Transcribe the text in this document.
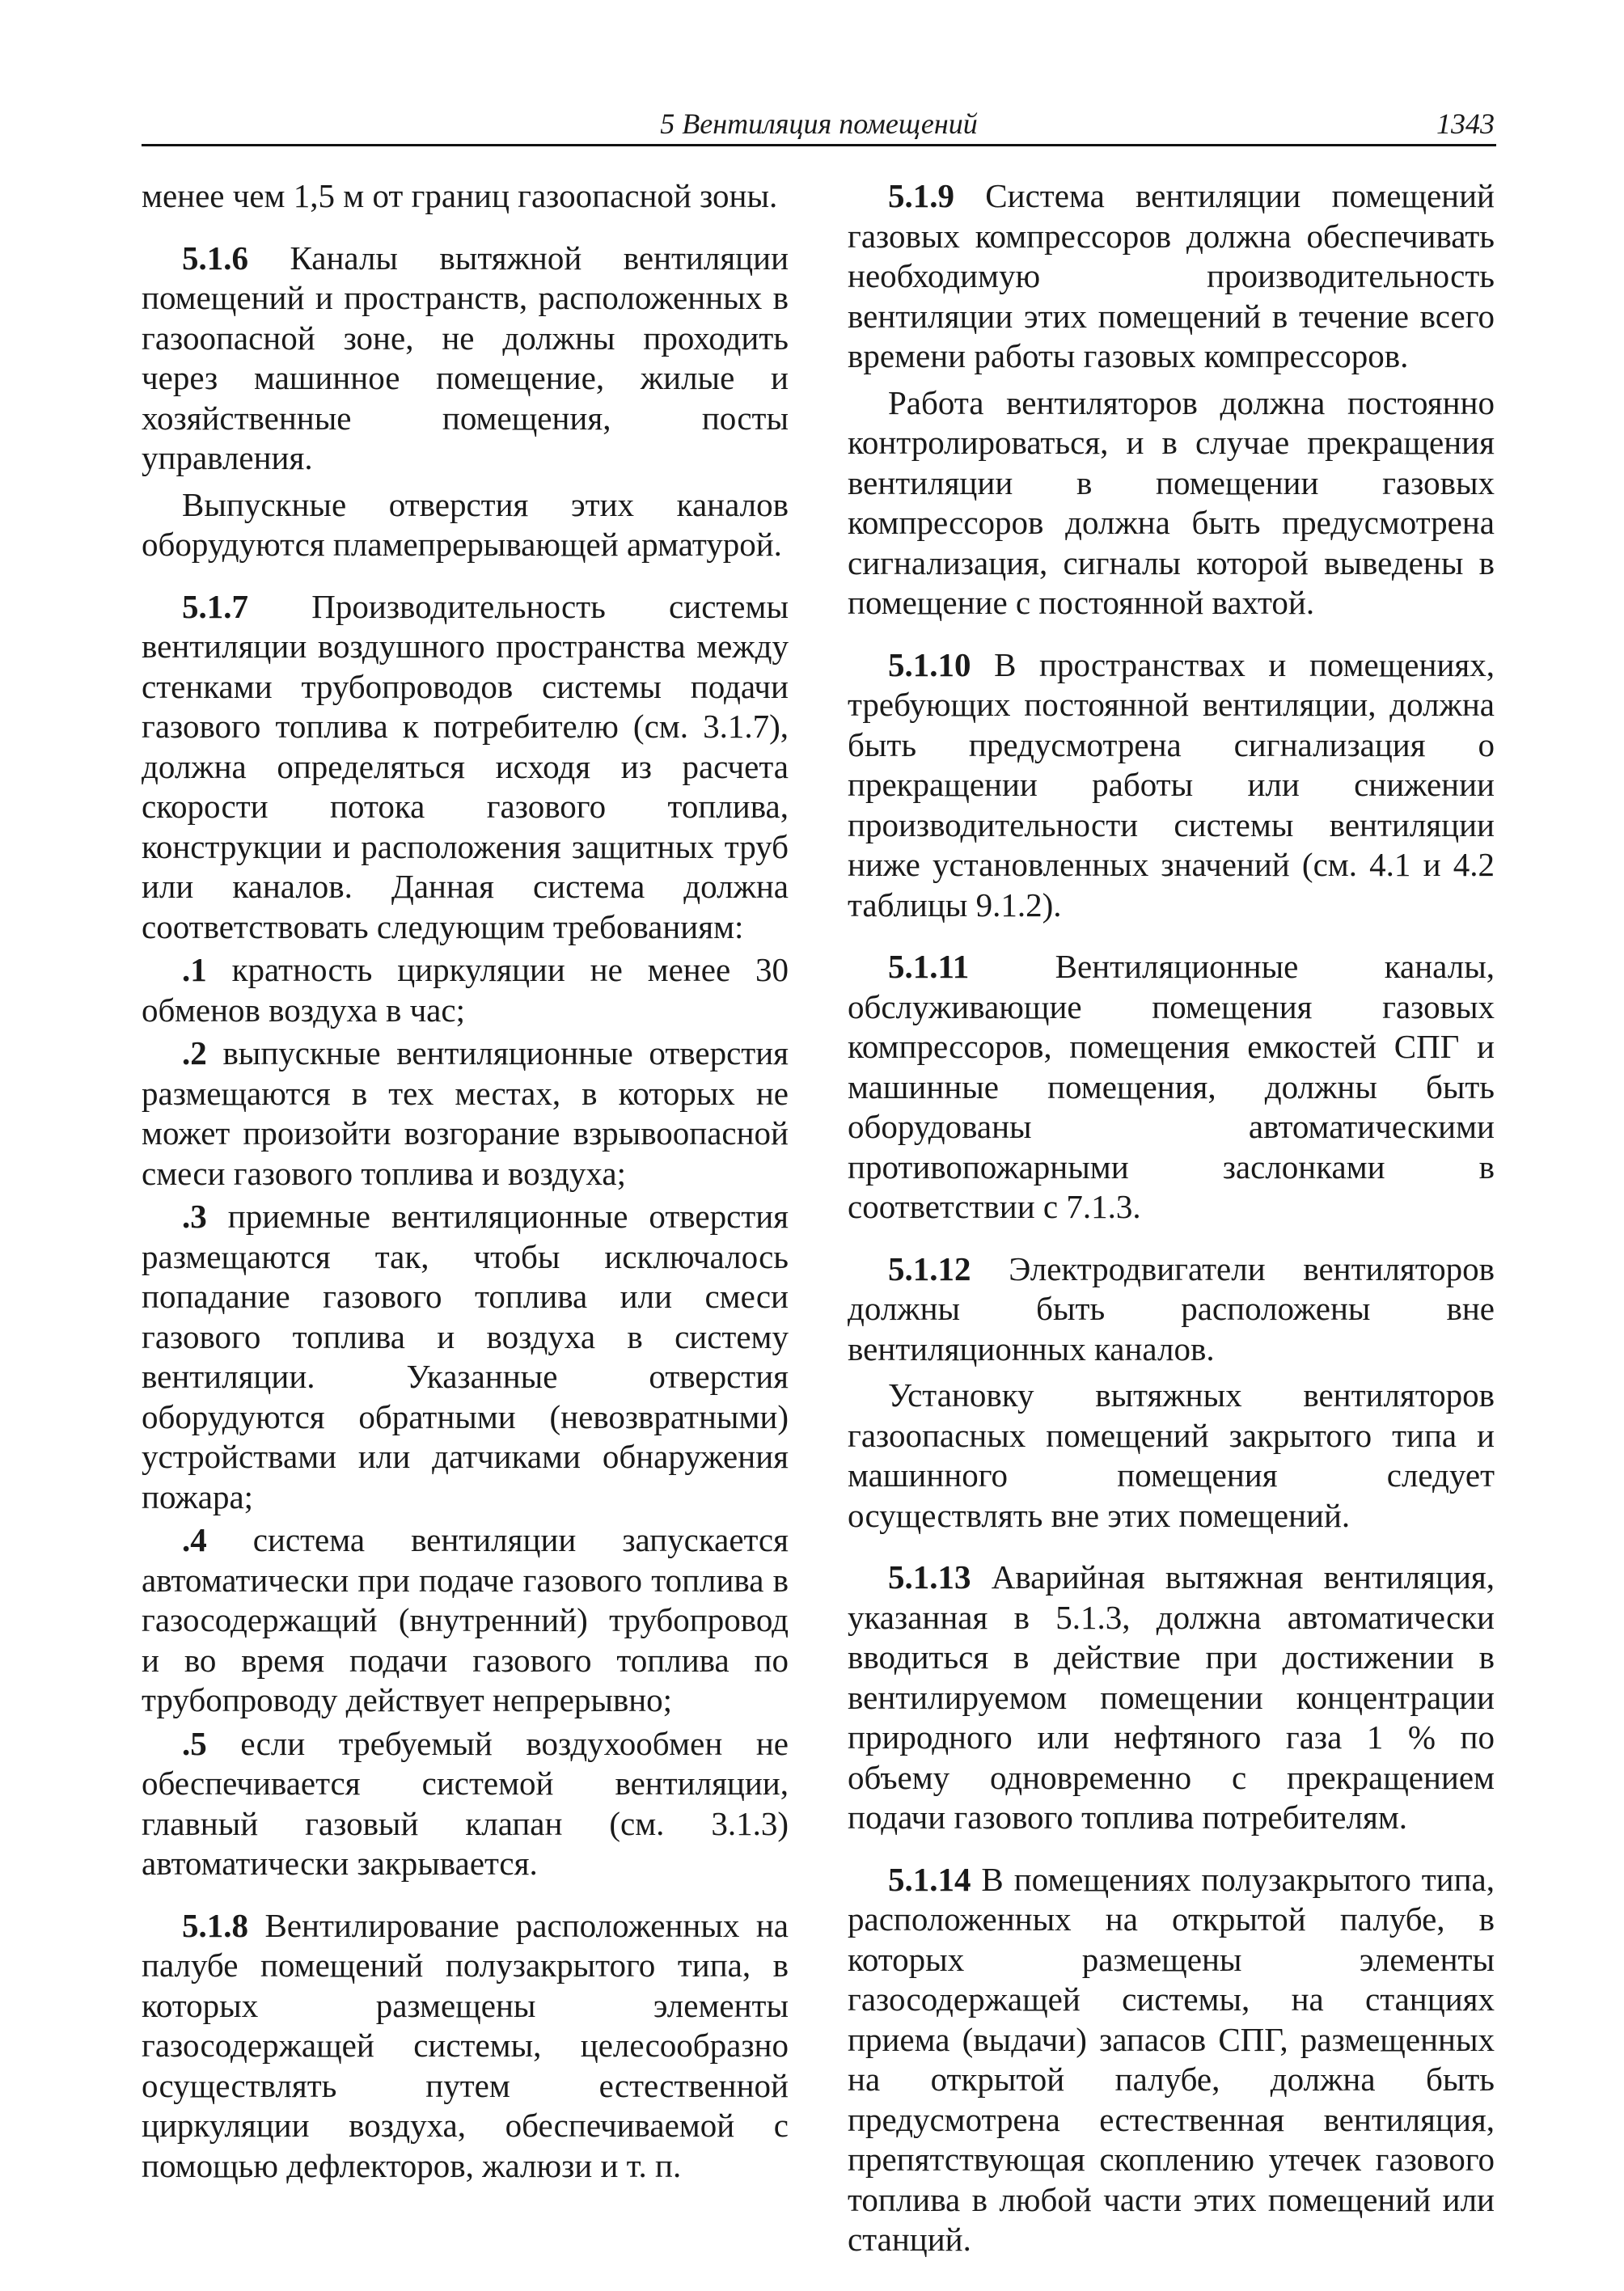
5 Вентиляция помещений	1343

менее чем 1,5 м от границ газоопасной зоны.

5.1.6 Каналы вытяжной вентиляции помещений и пространств, расположенных в газоопасной зоне, не должны проходить через машинное помещение, жилые и хозяйственные помещения, посты управления.

Выпускные отверстия этих каналов оборудуются пламепрерывающей арматурой.

5.1.7 Производительность системы вентиляции воздушного пространства между стенками трубопроводов системы подачи газового топлива к потребителю (см. 3.1.7), должна определяться исходя из расчета скорости потока газового топлива, конструкции и расположения защитных труб или каналов. Данная система должна соответствовать следующим требованиям:

.1 кратность циркуляции не менее 30 обменов воздуха в час;

.2 выпускные вентиляционные отверстия размещаются в тех местах, в которых не может произойти возгорание взрывоопасной смеси газового топлива и воздуха;

.3 приемные вентиляционные отверстия размещаются так, чтобы исключалось попадание газового топлива или смеси газового топлива и воздуха в систему вентиляции. Указанные отверстия оборудуются обратными (невозвратными) устройствами или датчиками обнаружения пожара;

.4 система вентиляции запускается автоматически при подаче газового топлива в газосодержащий (внутренний) трубопровод и во время подачи газового топлива по трубопроводу действует непрерывно;

.5 если требуемый воздухообмен не обеспечивается системой вентиляции, главный газовый клапан (см. 3.1.3) автоматически закрывается.

5.1.8 Вентилирование расположенных на палубе помещений полузакрытого типа, в которых размещены элементы газосодержащей системы, целесообразно осуществлять путем естественной циркуляции воздуха, обеспечиваемой с помощью дефлекторов, жалюзи и т. п.

5.1.9 Система вентиляции помещений газовых компрессоров должна обеспечивать необходимую производительность вентиляции этих помещений в течение всего времени работы газовых компрессоров.

Работа вентиляторов должна постоянно контролироваться, и в случае прекращения вентиляции в помещении газовых компрессоров должна быть предусмотрена сигнализация, сигналы которой выведены в помещение с постоянной вахтой.

5.1.10 В пространствах и помещениях, требующих постоянной вентиляции, должна быть предусмотрена сигнализация о прекращении работы или снижении производительности системы вентиляции ниже установленных значений (см. 4.1 и 4.2 таблицы 9.1.2).

5.1.11	Вентиляционные каналы, обслуживающие помещения газовых компрессоров, помещения емкостей СПГ и машинные помещения, должны быть оборудованы автоматическими противопожарными заслонками в соответствии с 7.1.3.

5.1.12 Электродвигатели вентиляторов должны быть расположены вне вентиляционных каналов.

Установку вытяжных вентиляторов газоопасных помещений закрытого типа и машинного помещения следует осуществлять вне этих помещений.

5.1.13 Аварийная вытяжная вентиляция, указанная в 5.1.3, должна автоматически вводиться в действие при достижении в вентилируемом помещении концентрации природного или нефтяного газа 1 % по объему одновременно с прекращением подачи газового топлива потребителям.

5.1.14 В помещениях полузакрытого типа, расположенных на открытой палубе, в которых размещены элементы газосодержащей системы, на станциях приема (выдачи) запасов СПГ, размещенных на открытой палубе, должна быть предусмотрена естественная вентиляция, препятствующая скоплению утечек газового топлива в любой части этих помещений или станций.
